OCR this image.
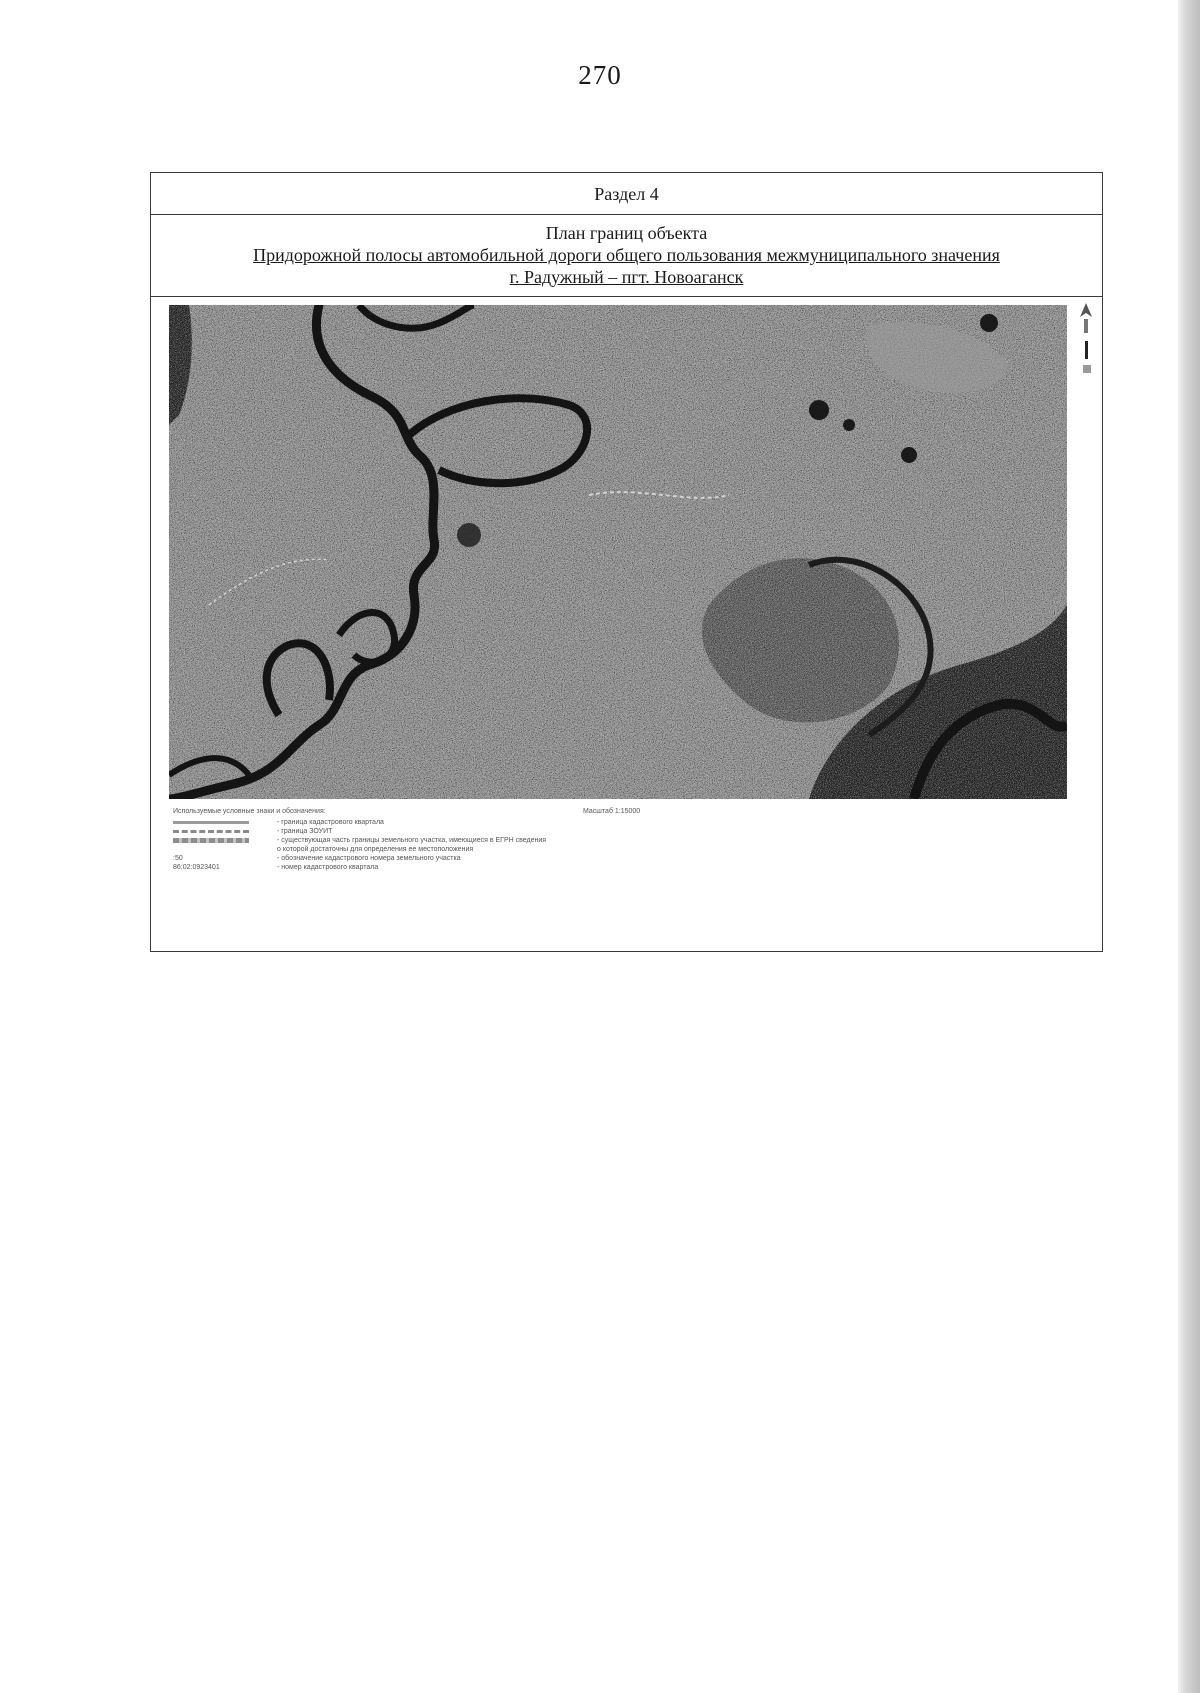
270
Раздел 4
План границ объекта
Придорожной полосы автомобильной дороги общего пользования межмуниципального значения
г. Радужный – пгт. Новоаганск
Используемые условные знаки и обозначения:	Масштаб 1:15000
- граница кадастрового квартала
- граница ЗОУИТ
- существующая часть границы земельного участка, имеющиеся в ЕГРН сведения
о которой достаточны для определения ее местоположения
:50	- обозначение кадастрового номера земельного участка
86:02:0923401	- номер кадастрового квартала
